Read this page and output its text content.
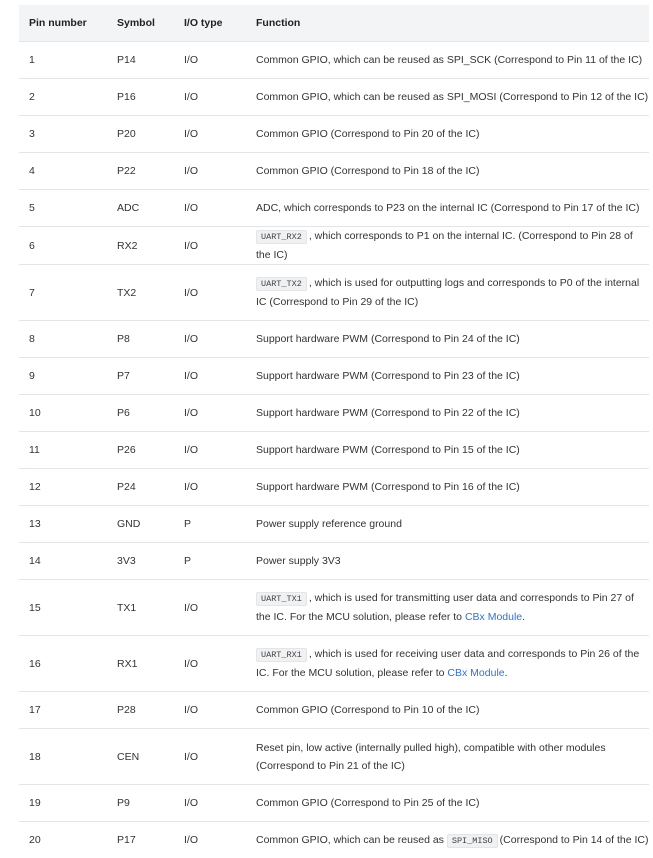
Pin number	Symbol	I/O type	Function
1	P14	I/O	Common GPIO, which can be reused as SPI_SCK (Correspond to Pin 11 of the IC)
2	P16	I/O	Common GPIO, which can be reused as SPI_MOSI (Correspond to Pin 12 of the IC)
3	P20	I/O	Common GPIO (Correspond to Pin 20 of the IC)
4	P22	I/O	Common GPIO (Correspond to Pin 18 of the IC)
5	ADC	I/O	ADC, which corresponds to P23 on the internal IC (Correspond to Pin 17 of the IC)
6	RX2	I/O	UART_RX2 , which corresponds to P1 on the internal IC. (Correspond to Pin 28 of the IC)
7	TX2	I/O	UART_TX2 , which is used for outputting logs and corresponds to P0 of the internal IC (Correspond to Pin 29 of the IC)
8	P8	I/O	Support hardware PWM (Correspond to Pin 24 of the IC)
9	P7	I/O	Support hardware PWM (Correspond to Pin 23 of the IC)
10	P6	I/O	Support hardware PWM (Correspond to Pin 22 of the IC)
11	P26	I/O	Support hardware PWM (Correspond to Pin 15 of the IC)
12	P24	I/O	Support hardware PWM (Correspond to Pin 16 of the IC)
13	GND	P	Power supply reference ground
14	3V3	P	Power supply 3V3
15	TX1	I/O	UART_TX1 , which is used for transmitting user data and corresponds to Pin 27 of the IC. For the MCU solution, please refer to CBx Module.
16	RX1	I/O	UART_RX1 , which is used for receiving user data and corresponds to Pin 26 of the IC. For the MCU solution, please refer to CBx Module.
17	P28	I/O	Common GPIO (Correspond to Pin 10 of the IC)
18	CEN	I/O	Reset pin, low active (internally pulled high), compatible with other modules (Correspond to Pin 21 of the IC)
19	P9	I/O	Common GPIO (Correspond to Pin 25 of the IC)
20	P17	I/O	Common GPIO, which can be reused as SPI_MISO (Correspond to Pin 14 of the IC)
